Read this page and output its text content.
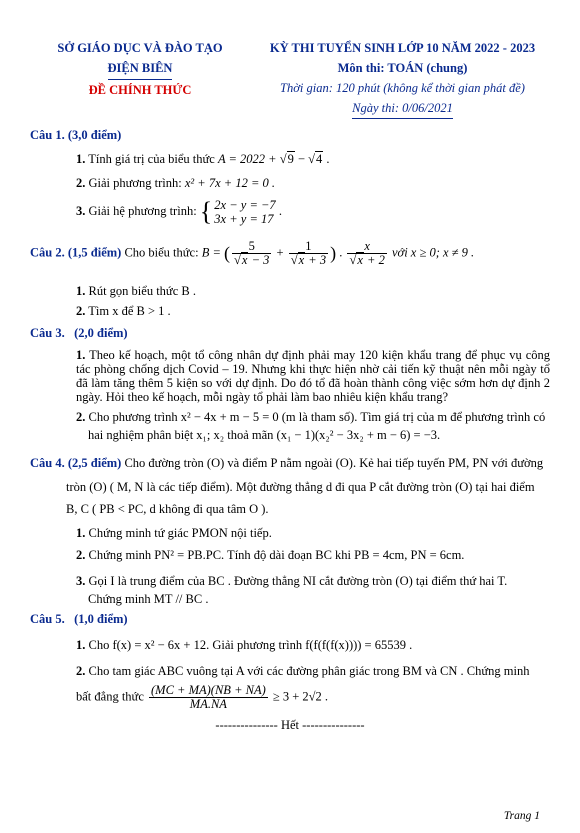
SỞ GIÁO DỤC VÀ ĐÀO TẠO
ĐIỆN BIÊN
ĐỀ CHÍNH THỨC
KỲ THI TUYỂN SINH LỚP 10 NĂM 2022 - 2023
Môn thi: TOÁN (chung)
Thời gian: 120 phút (không kể thời gian phát đề)
Ngày thi: 0/06/2021
Câu 1. (3,0 điểm)
1. Tính giá trị của biểu thức A = 2022 + √9 − √4 .
2. Giải phương trình: x² + 7x + 12 = 0 .
3. Giải hệ phương trình: { 2x − y = −7
3x + y = 17
.
Câu 2. (1,5 điểm) Cho biểu thức: B = ( $\frac{5}{√x - 3} + \frac{1}{√x + 3}$ ) . $\frac{x}{√x + 2}$ với x ≥ 0; x ≠ 9 .
1. Rút gọn biểu thức B .
2. Tìm x để B > 1 .
Câu 3. (2,0 điểm)
1. Theo kế hoạch, một tổ công nhân dự định phải may 120 kiện khẩu trang để phục vụ công tác phòng chống dịch Covid – 19. Nhưng khi thực hiện nhờ cải tiến kỹ thuật nên mỗi ngày tổ đã làm tăng thêm 5 kiện so với dự định. Do đó tổ đã hoàn thành công việc sớm hơn dự định 2 ngày. Hỏi theo kế hoạch, mỗi ngày tổ phải làm bao nhiêu kiện khẩu trang?
2. Cho phương trình x² − 4x + m − 5 = 0 (m là tham số). Tìm giá trị của m để phương trình có
hai nghiệm phân biệt x₁; x₂ thoả mãn (x₁ − 1)(x₂² − 3x₂ + m − 6) = −3.
Câu 4. (2,5 điểm) Cho đường tròn (O) và điểm P nằm ngoài (O). Kẻ hai tiếp tuyến PM, PN với đường
tròn (O) ( M, N là các tiếp điểm). Một đường thẳng d đi qua P cắt đường tròn (O) tại hai điểm
B, C ( PB < PC, d không đi qua tâm O ).
1. Chứng minh tứ giác PMON nội tiếp.
2. Chứng minh PN² = PB.PC. Tính độ dài đoạn BC khi PB = 4cm, PN = 6cm.
3. Gọi I là trung điểm của BC . Đường thẳng NI cắt đường tròn (O) tại điểm thứ hai T.
Chứng minh MT // BC .
Câu 5. (1,0 điểm)
1. Cho f(x) = x² − 6x + 12. Giải phương trình f(f(f(f(x)))) = 65539 .
2. Cho tam giác ABC vuông tại A với các đường phân giác trong BM và CN . Chứng minh
bất đẳng thức $\frac{(MC + MA)(NB + NA)}{MA.NA} \ge 3 + 2√2$ .
--------------- Hết ---------------
Trang 1
